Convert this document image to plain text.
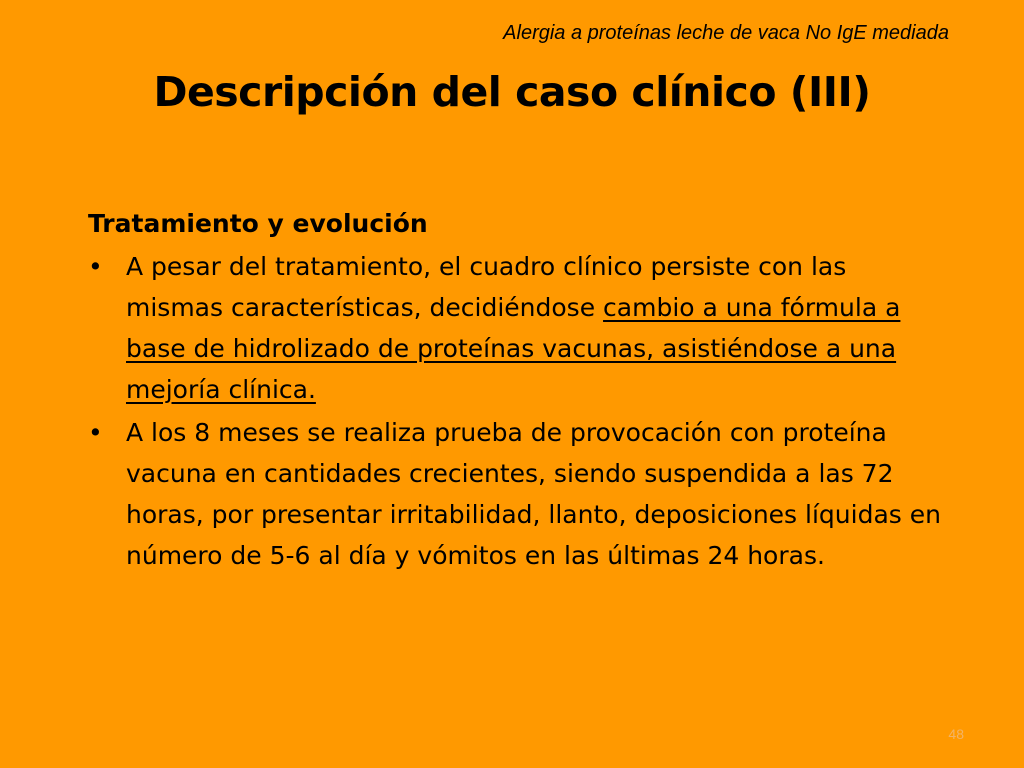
Alergia a proteínas leche de vaca No IgE mediada
Descripción del caso clínico (III)

Tratamiento y evolución

• A pesar del tratamiento, el cuadro clínico persiste con las mismas características, decidiéndose cambio a una fórmula a base de hidrolizado de proteínas vacunas, asistiéndose a una mejoría clínica.
• A los 8 meses se realiza prueba de provocación con proteína vacuna en cantidades crecientes, siendo suspendida a las 72 horas, por presentar irritabilidad, llanto, deposiciones líquidas en número de 5-6 al día y vómitos en las últimas 24 horas.
48
